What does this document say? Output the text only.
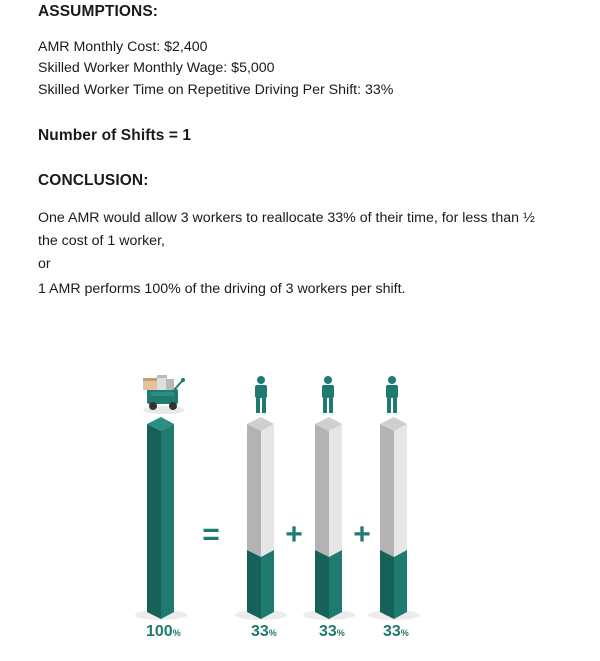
ASSUMPTIONS:

AMR Monthly Cost: $2,400

Skilled Worker Monthly Wage: $5,000

Skilled Worker Time on Repetitive Driving Per Shift: 33%

Number of Shifts = 1
CONCLUSION:

One AMR would allow 3 workers to reallocate 33% of their time, for less than ½ the cost of 1 worker,

or

1 AMR performs 100% of the driving of 3 workers per shift.

= + +
100%	33%	33% 33%
